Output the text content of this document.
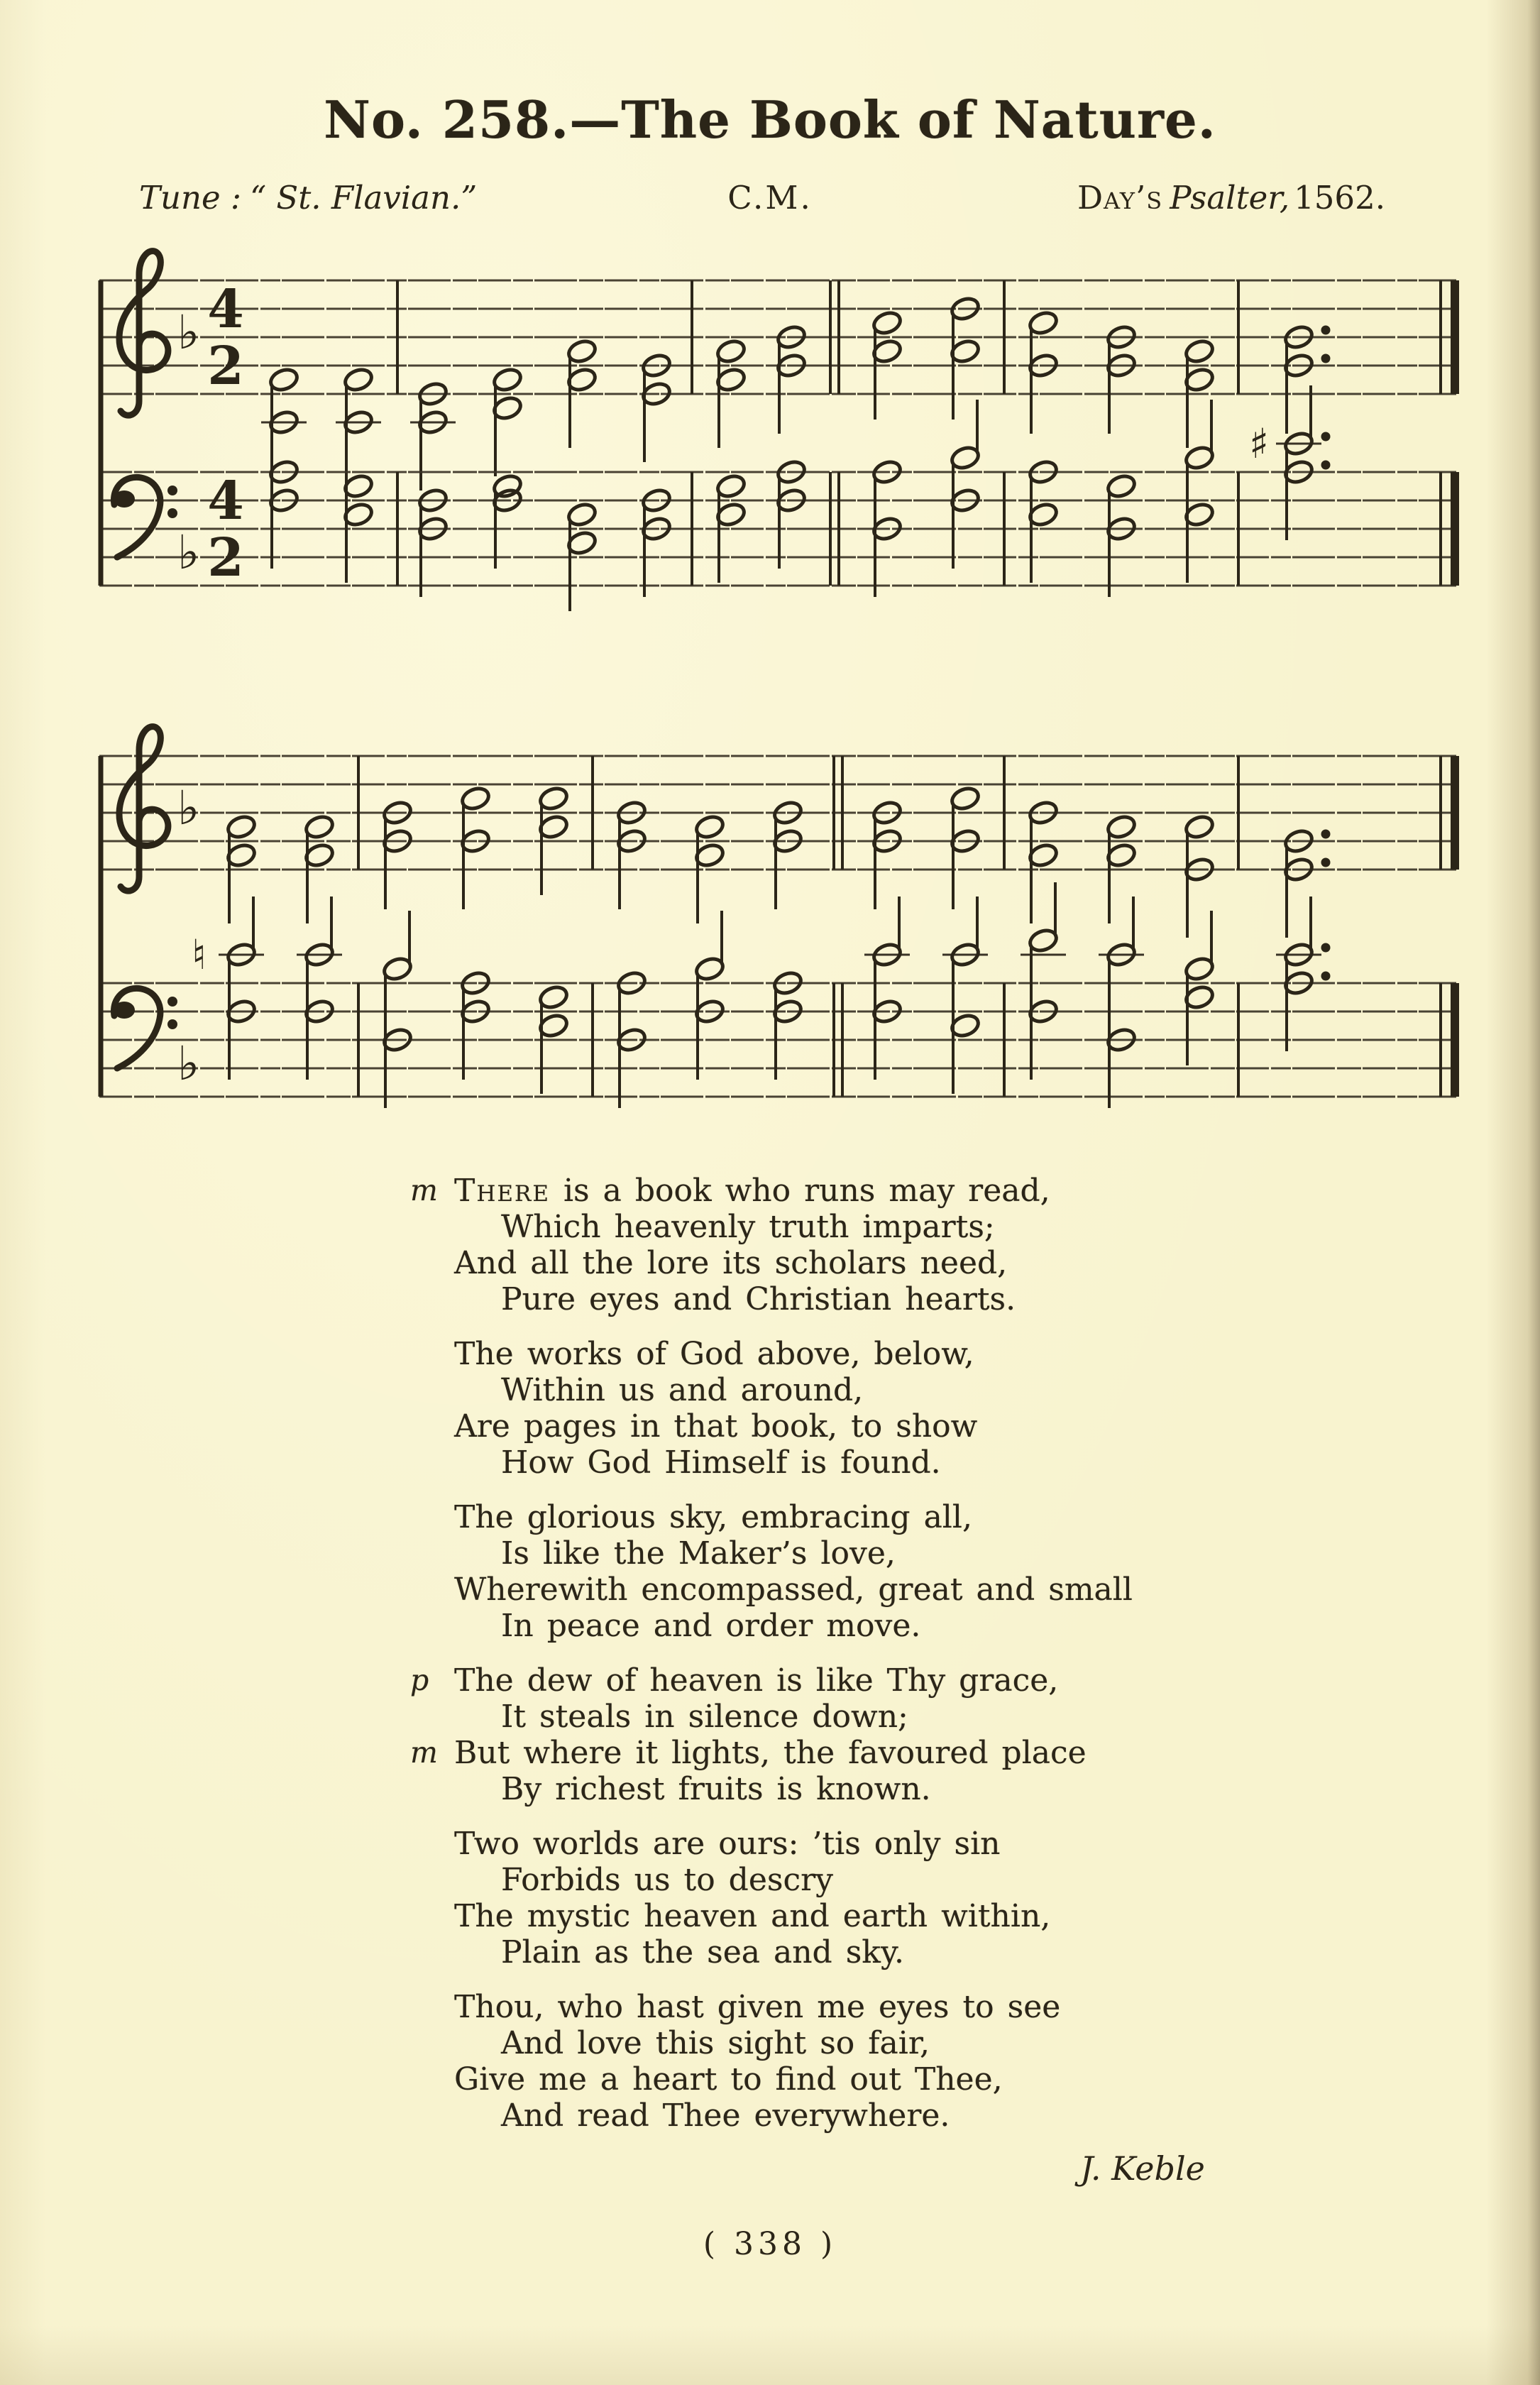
No. 258.—The Book of Nature.
Tune : “ St. Flavian.”	C.M.	Day’s Psalter, 1562.
♭ 4
2
♭
4
2
♯
♭
♭
♮
m There is a book who runs may read,
Which heavenly truth imparts;
And all the lore its scholars need,
Pure eyes and Christian hearts.
The works of God above, below,
Within us and around,
Are pages in that book, to show
How God Himself is found.
The glorious sky, embracing all,
Is like the Maker’s love,
Wherewith encompassed, great and small
In peace and order move.
p The dew of heaven is like Thy grace,
It steals in silence down;
m But where it lights, the favoured place
By richest fruits is known.
Two worlds are ours: ’tis only sin
Forbids us to descry
The mystic heaven and earth within,
Plain as the sea and sky.
Thou, who hast given me eyes to see
And love this sight so fair,
Give me a heart to find out Thee,
And read Thee everywhere.
J. Keble
( 338 )
